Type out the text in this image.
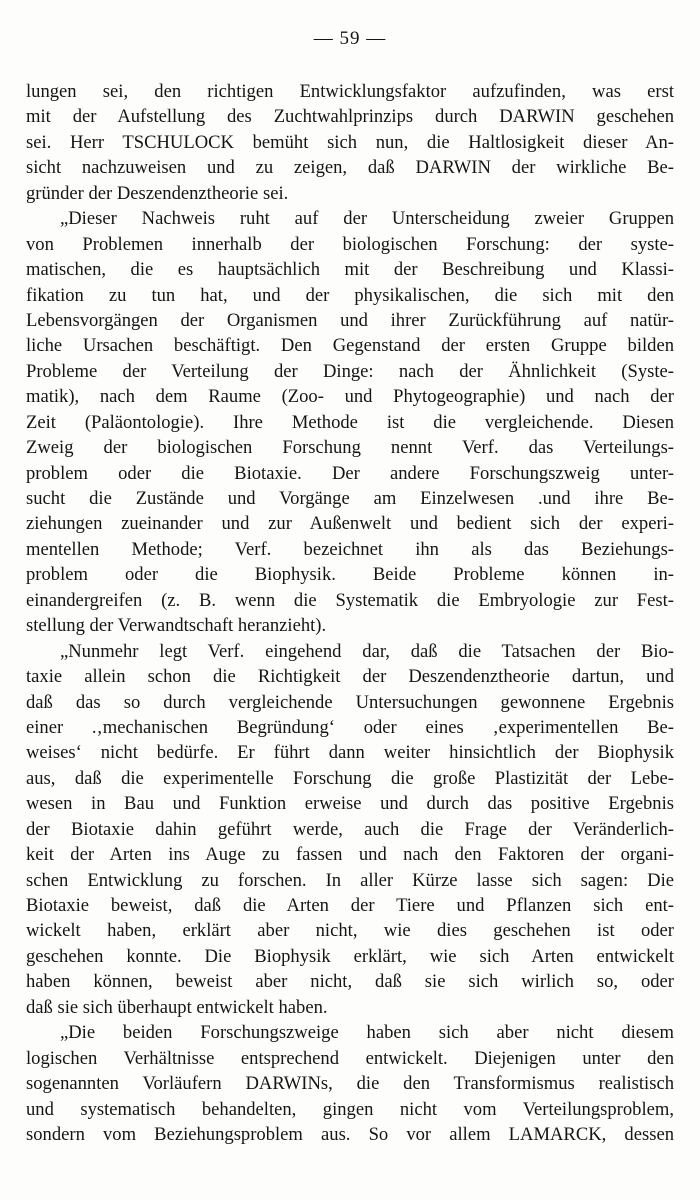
— 59 —
lungen sei, den richtigen Entwicklungsfaktor aufzufinden, was erst
mit der Aufstellung des Zuchtwahlprinzips durch DARWIN geschehen
sei. Herr TSCHULOCK bemüht sich nun, die Haltlosigkeit dieser An-
sicht nachzuweisen und zu zeigen, daß DARWIN der wirkliche Be-
gründer der Deszendenztheorie sei.
„Dieser Nachweis ruht auf der Unterscheidung zweier Gruppen
von Problemen innerhalb der biologischen Forschung: der syste-
matischen, die es hauptsächlich mit der Beschreibung und Klassi-
fikation zu tun hat, und der physikalischen, die sich mit den
Lebensvorgängen der Organismen und ihrer Zurückführung auf natür-
liche Ursachen beschäftigt. Den Gegenstand der ersten Gruppe bilden
Probleme der Verteilung der Dinge: nach der Ähnlichkeit (Syste-
matik), nach dem Raume (Zoo- und Phytogeographie) und nach der
Zeit (Paläontologie). Ihre Methode ist die vergleichende. Diesen
Zweig der biologischen Forschung nennt Verf. das Verteilungs-
problem oder die Biotaxie. Der andere Forschungszweig unter-
sucht die Zustände und Vorgänge am Einzelwesen .und ihre Be-
ziehungen zueinander und zur Außenwelt und bedient sich der experi-
mentellen Methode; Verf. bezeichnet ihn als das Beziehungs-
problem oder die Biophysik. Beide Probleme können in-
einandergreifen (z. B. wenn die Systematik die Embryologie zur Fest-
stellung der Verwandtschaft heranzieht).
„Nunmehr legt Verf. eingehend dar, daß die Tatsachen der Bio-
taxie allein schon die Richtigkeit der Deszendenztheorie dartun, und
daß das so durch vergleichende Untersuchungen gewonnene Ergebnis
einer .‚mechanischen Begründung‘ oder eines ‚experimentellen Be-
weises‘ nicht bedürfe. Er führt dann weiter hinsichtlich der Biophysik
aus, daß die experimentelle Forschung die große Plastizität der Lebe-
wesen in Bau und Funktion erweise und durch das positive Ergebnis
der Biotaxie dahin geführt werde, auch die Frage der Veränderlich-
keit der Arten ins Auge zu fassen und nach den Faktoren der organi-
schen Entwicklung zu forschen. In aller Kürze lasse sich sagen: Die
Biotaxie beweist, daß die Arten der Tiere und Pflanzen sich ent-
wickelt haben, erklärt aber nicht, wie dies geschehen ist oder
geschehen konnte. Die Biophysik erklärt, wie sich Arten entwickelt
haben können, beweist aber nicht, daß sie sich wirlich so, oder
daß sie sich überhaupt entwickelt haben.
„Die beiden Forschungszweige haben sich aber nicht diesem
logischen Verhältnisse entsprechend entwickelt. Diejenigen unter den
sogenannten Vorläufern DARWINs, die den Transformismus realistisch
und systematisch behandelten, gingen nicht vom Verteilungsproblem,
sondern vom Beziehungsproblem aus. So vor allem LAMARCK, dessen
